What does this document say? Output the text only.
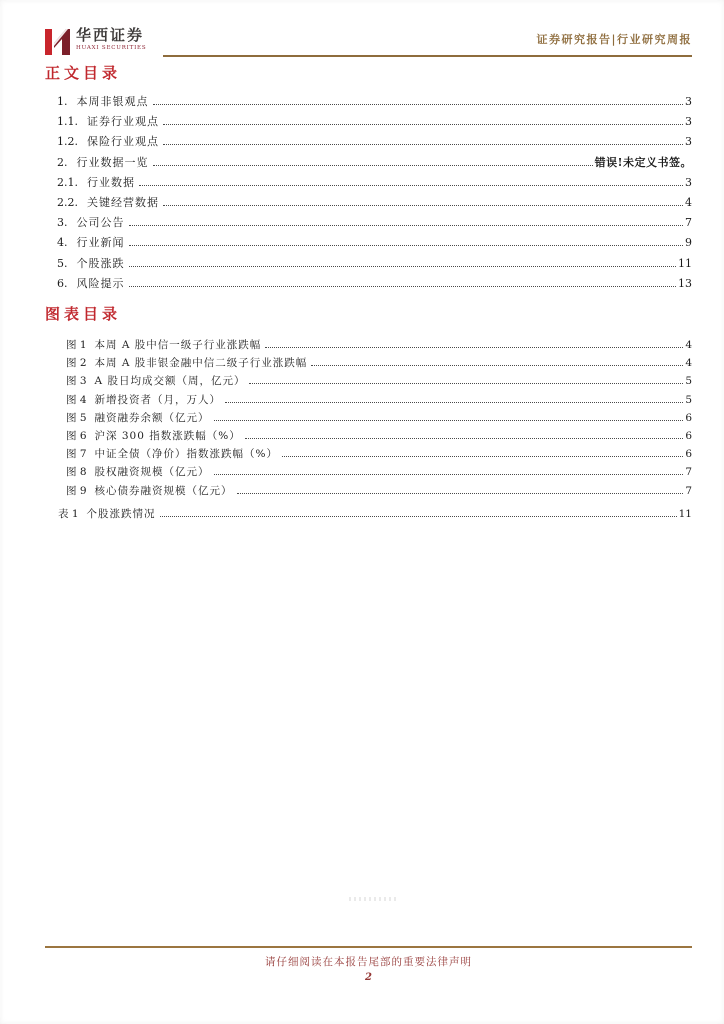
华西证券
HUAXI SECURITIES
证券研究报告|行业研究周报
正文目录
1. 本周非银观点	3
1.1. 证券行业观点	3
1.2. 保险行业观点	3
2. 行业数据一览	错误!未定义书签。
2.1. 行业数据	3
2.2. 关键经营数据	4
3. 公司公告	7
4. 行业新闻	9
5. 个股涨跌	11
6. 风险提示	13
图表目录
图 1 本周 A 股中信一级子行业涨跌幅	4
图 2 本周 A 股非银金融中信二级子行业涨跌幅	4
图 3 A 股日均成交额（周，亿元）	5
图 4 新增投资者（月，万人）	5
图 5 融资融券余额（亿元）	6
图 6 沪深 300 指数涨跌幅（%）	6
图 7 中证全债（净价）指数涨跌幅（%）	6
图 8 股权融资规模（亿元）	7
图 9 核心债券融资规模（亿元）	7
表 1 个股涨跌情况	11
请仔细阅读在本报告尾部的重要法律声明
2
